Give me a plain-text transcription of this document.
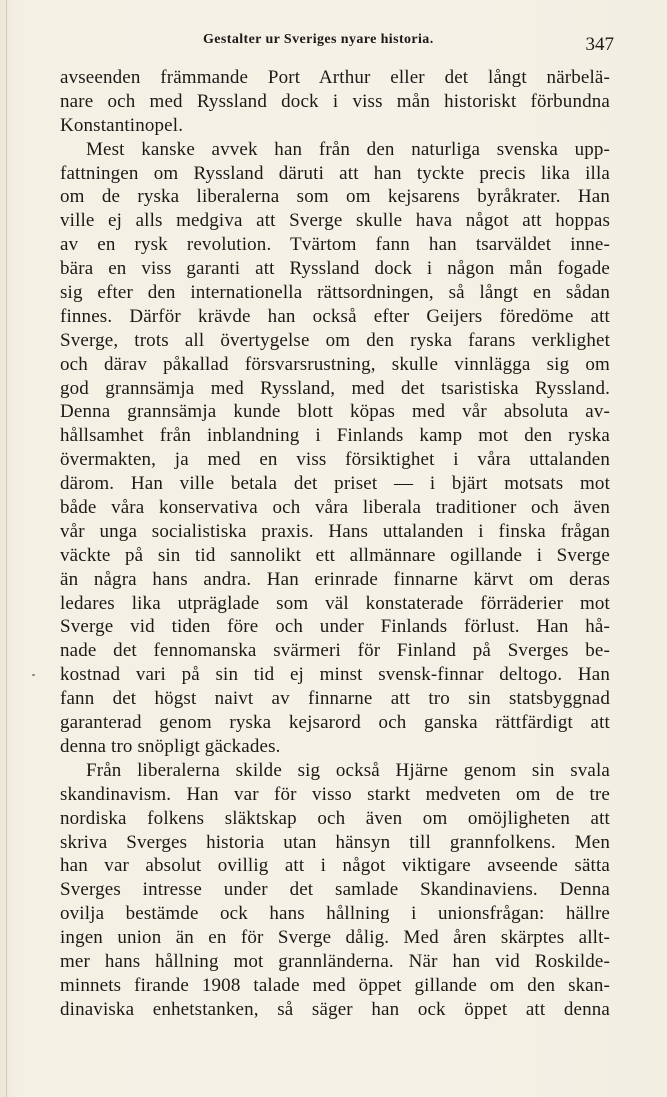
Gestalter ur Sveriges nyare historia.	347
avseenden främmande Port Arthur eller det långt närbelä-
nare och med Ryssland dock i viss mån historiskt förbundna
Konstantinopel.
Mest kanske avvek han från den naturliga svenska upp-
fattningen om Ryssland däruti att han tyckte precis lika illa
om de ryska liberalerna som om kejsarens byråkrater. Han
ville ej alls medgiva att Sverge skulle hava något att hoppas
av en rysk revolution. Tvärtom fann han tsarväldet inne-
bära en viss garanti att Ryssland dock i någon mån fogade
sig efter den internationella rättsordningen, så långt en sådan
finnes. Därför krävde han också efter Geijers föredöme att
Sverge, trots all övertygelse om den ryska farans verklighet
och därav påkallad försvarsrustning, skulle vinnlägga sig om
god grannsämja med Ryssland, med det tsaristiska Ryssland.
Denna grannsämja kunde blott köpas med vår absoluta av-
hållsamhet från inblandning i Finlands kamp mot den ryska
övermakten, ja med en viss försiktighet i våra uttalanden
därom. Han ville betala det priset — i bjärt motsats mot
både våra konservativa och våra liberala traditioner och även
vår unga socialistiska praxis. Hans uttalanden i finska frågan
väckte på sin tid sannolikt ett allmännare ogillande i Sverge
än några hans andra. Han erinrade finnarne kärvt om deras
ledares lika utpräglade som väl konstaterade förräderier mot
Sverge vid tiden före och under Finlands förlust. Han hå-
nade det fennomanska svärmeri för Finland på Sverges be-
kostnad vari på sin tid ej minst svensk-finnar deltogo. Han
fann det högst naivt av finnarne att tro sin statsbyggnad
garanterad genom ryska kejsarord och ganska rättfärdigt att
denna tro snöpligt gäckades.
Från liberalerna skilde sig också Hjärne genom sin svala
skandinavism. Han var för visso starkt medveten om de tre
nordiska folkens släktskap och även om omöjligheten att
skriva Sverges historia utan hänsyn till grannfolkens. Men
han var absolut ovillig att i något viktigare avseende sätta
Sverges intresse under det samlade Skandinaviens. Denna
ovilja bestämde ock hans hållning i unionsfrågan: hällre
ingen union än en för Sverge dålig. Med åren skärptes allt-
mer hans hållning mot grannländerna. När han vid Roskilde-
minnets firande 1908 talade med öppet gillande om den skan-
dinaviska enhetstanken, så säger han ock öppet att denna
